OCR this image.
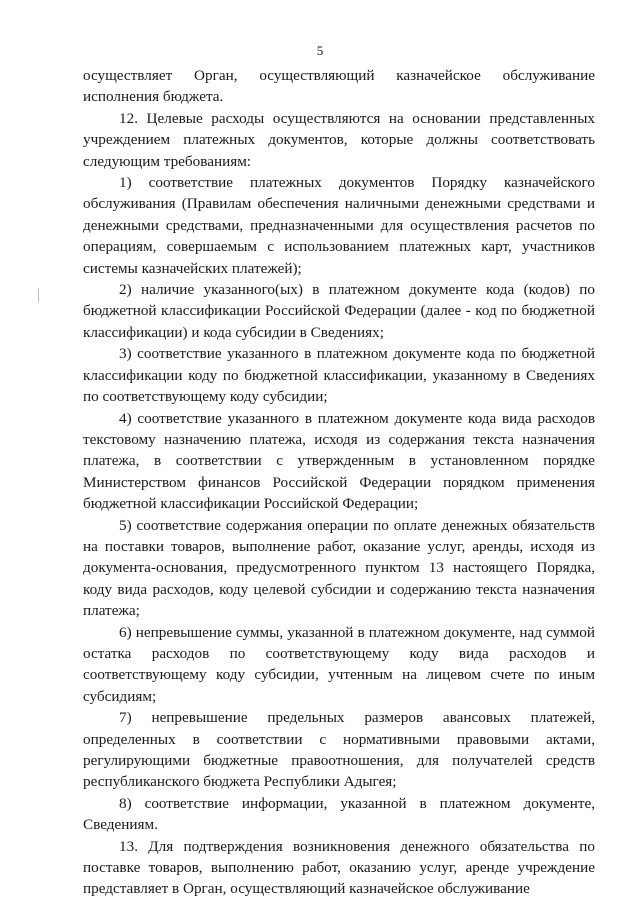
5

осуществляет Орган, осуществляющий казначейское обслуживание исполнения бюджета.

12. Целевые расходы осуществляются на основании представленных учреждением платежных документов, которые должны соответствовать следующим требованиям:

1) соответствие платежных документов Порядку казначейского обслуживания (Правилам обеспечения наличными денежными средствами и денежными средствами, предназначенными для осуществления расчетов по операциям, совершаемым с использованием платежных карт, участников системы казначейских платежей);

2) наличие указанного(ых) в платежном документе кода (кодов) по бюджетной классификации Российской Федерации (далее - код по бюджетной классификации) и кода субсидии в Сведениях;

3) соответствие указанного в платежном документе кода по бюджетной классификации коду по бюджетной классификации, указанному в Сведениях по соответствующему коду субсидии;

4) соответствие указанного в платежном документе кода вида расходов текстовому назначению платежа, исходя из содержания текста назначения платежа, в соответствии с утвержденным в установленном порядке Министерством финансов Российской Федерации порядком применения бюджетной классификации Российской Федерации;

5) соответствие содержания операции по оплате денежных обязательств на поставки товаров, выполнение работ, оказание услуг, аренды, исходя из документа-основания, предусмотренного пунктом 13 настоящего Порядка, коду вида расходов, коду целевой субсидии и содержанию текста назначения платежа;

6) непревышение суммы, указанной в платежном документе, над суммой остатка расходов по соответствующему коду вида расходов и соответствующему коду субсидии, учтенным на лицевом счете по иным субсидиям;

7) непревышение предельных размеров авансовых платежей, определенных в соответствии с нормативными правовыми актами, регулирующими бюджетные правоотношения, для получателей средств республиканского бюджета Республики Адыгея;

8) соответствие информации, указанной в платежном документе, Сведениям.

13. Для подтверждения возникновения денежного обязательства по поставке товаров, выполнению работ, оказанию услуг, аренде учреждение представляет в Орган, осуществляющий казначейское обслуживание
